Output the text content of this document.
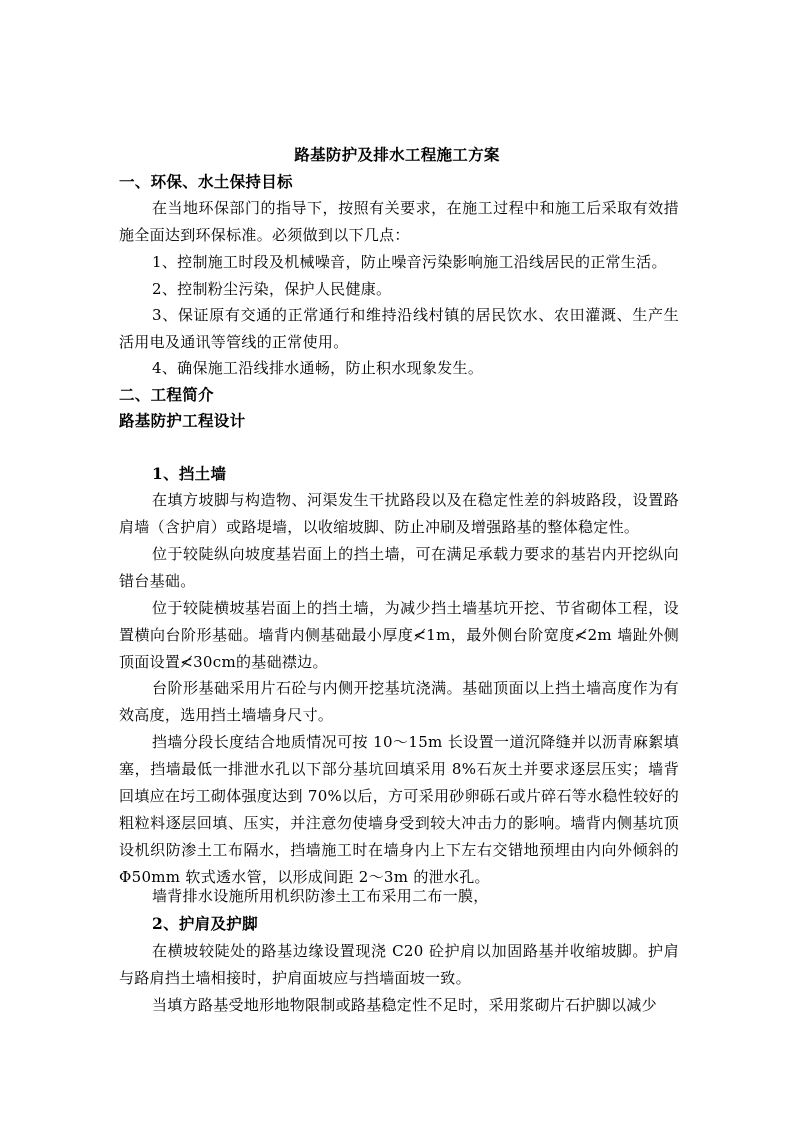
路基防护及排水工程施工方案
一、环保、水土保持目标
在当地环保部门的指导下，按照有关要求，在施工过程中和施工后采取有效措施全面达到环保标准。必须做到以下几点：
1、控制施工时段及机械噪音，防止噪音污染影响施工沿线居民的正常生活。
2、控制粉尘污染，保护人民健康。
3、保证原有交通的正常通行和维持沿线村镇的居民饮水、农田灌溉、生产生活用电及通讯等管线的正常使用。
4、确保施工沿线排水通畅，防止积水现象发生。
二、工程简介
路基防护工程设计
1、挡土墙
在填方坡脚与构造物、河渠发生干扰路段以及在稳定性差的斜坡路段，设置路肩墙（含护肩）或路堤墙，以收缩坡脚、防止冲刷及增强路基的整体稳定性。
位于较陡纵向坡度基岩面上的挡土墙，可在满足承载力要求的基岩内开挖纵向错台基础。
位于较陡横坡基岩面上的挡土墙，为减少挡土墙基坑开挖、节省砌体工程，设置横向台阶形基础。墙背内侧基础最小厚度≮1m，最外侧台阶宽度≮2m 墙趾外侧顶面设置≮30cm的基础襟边。
台阶形基础采用片石砼与内侧开挖基坑浇满。基础顶面以上挡土墙高度作为有效高度，选用挡土墙墙身尺寸。
挡墙分段长度结合地质情况可按 10～15m 长设置一道沉降缝并以沥青麻絮填塞，挡墙最低一排泄水孔以下部分基坑回填采用 8%石灰土并要求逐层压实；墙背回填应在圬工砌体强度达到 70%以后，方可采用砂卵砾石或片碎石等水稳性较好的粗粒料逐层回填、压实，并注意勿使墙身受到较大冲击力的影响。墙背内侧基坑顶设机织防渗土工布隔水，挡墙施工时在墙身内上下左右交错地预埋由内向外倾斜的 Φ50mm 软式透水管，以形成间距 2～3m 的泄水孔。
墙背排水设施所用机织防渗土工布采用二布一膜，
2、护肩及护脚
在横坡较陡处的路基边缘设置现浇 C20 砼护肩以加固路基并收缩坡脚。护肩与路肩挡土墙相接时，护肩面坡应与挡墙面坡一致。
当填方路基受地形地物限制或路基稳定性不足时，采用浆砌片石护脚以减少
